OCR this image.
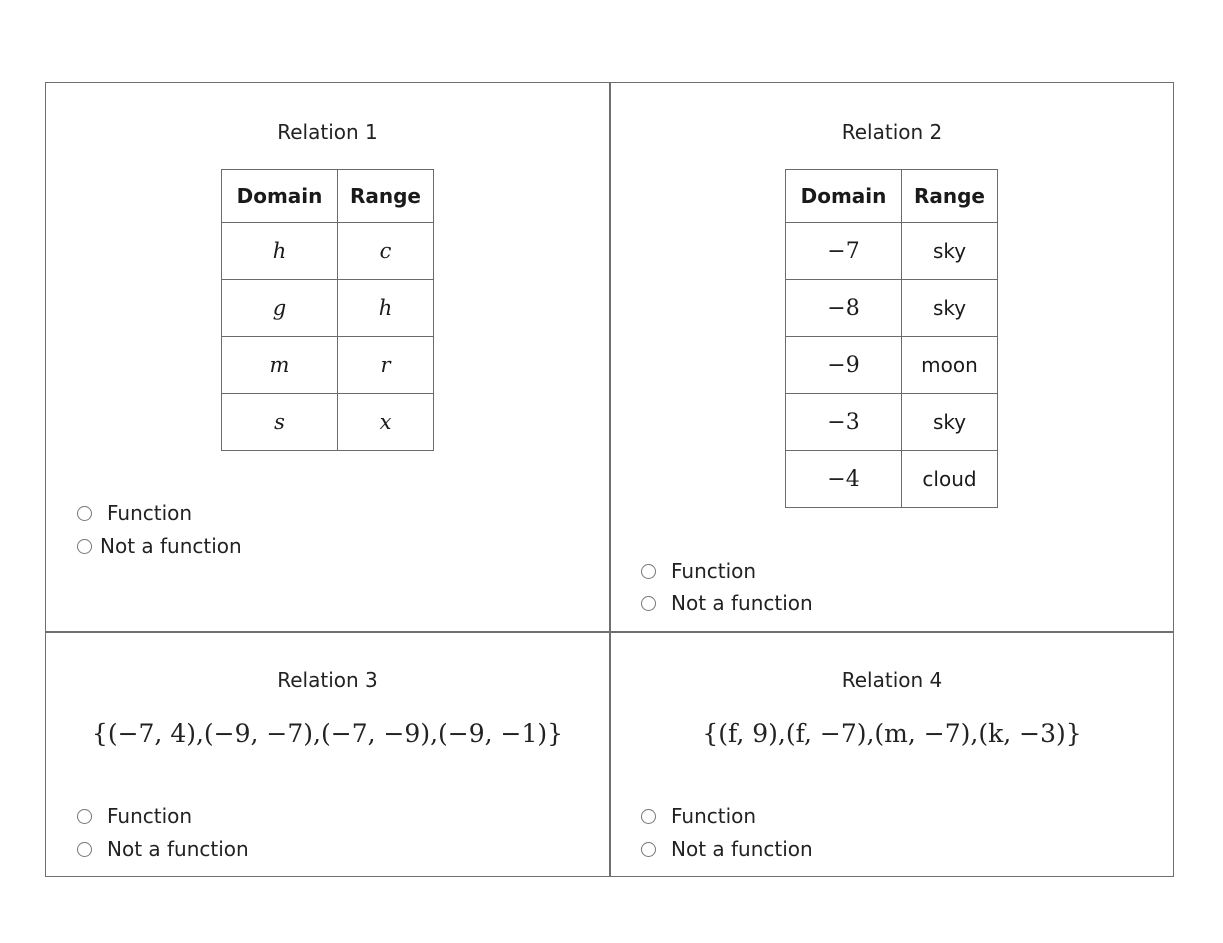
Relation 1
Domain	Range
h	c
g	h
m	r
s	x
Function
Not a function
Relation 2
Domain	Range
−7	sky
−8	sky
−9	moon
−3	sky
−4	cloud
Function
Not a function
Relation 3
{(−7, 4),(−9, −7),(−7, −9),(−9, −1)}
Function
Not a function
Relation 4
{(f, 9),(f, −7),(m, −7),(k, −3)}
Function
Not a function
